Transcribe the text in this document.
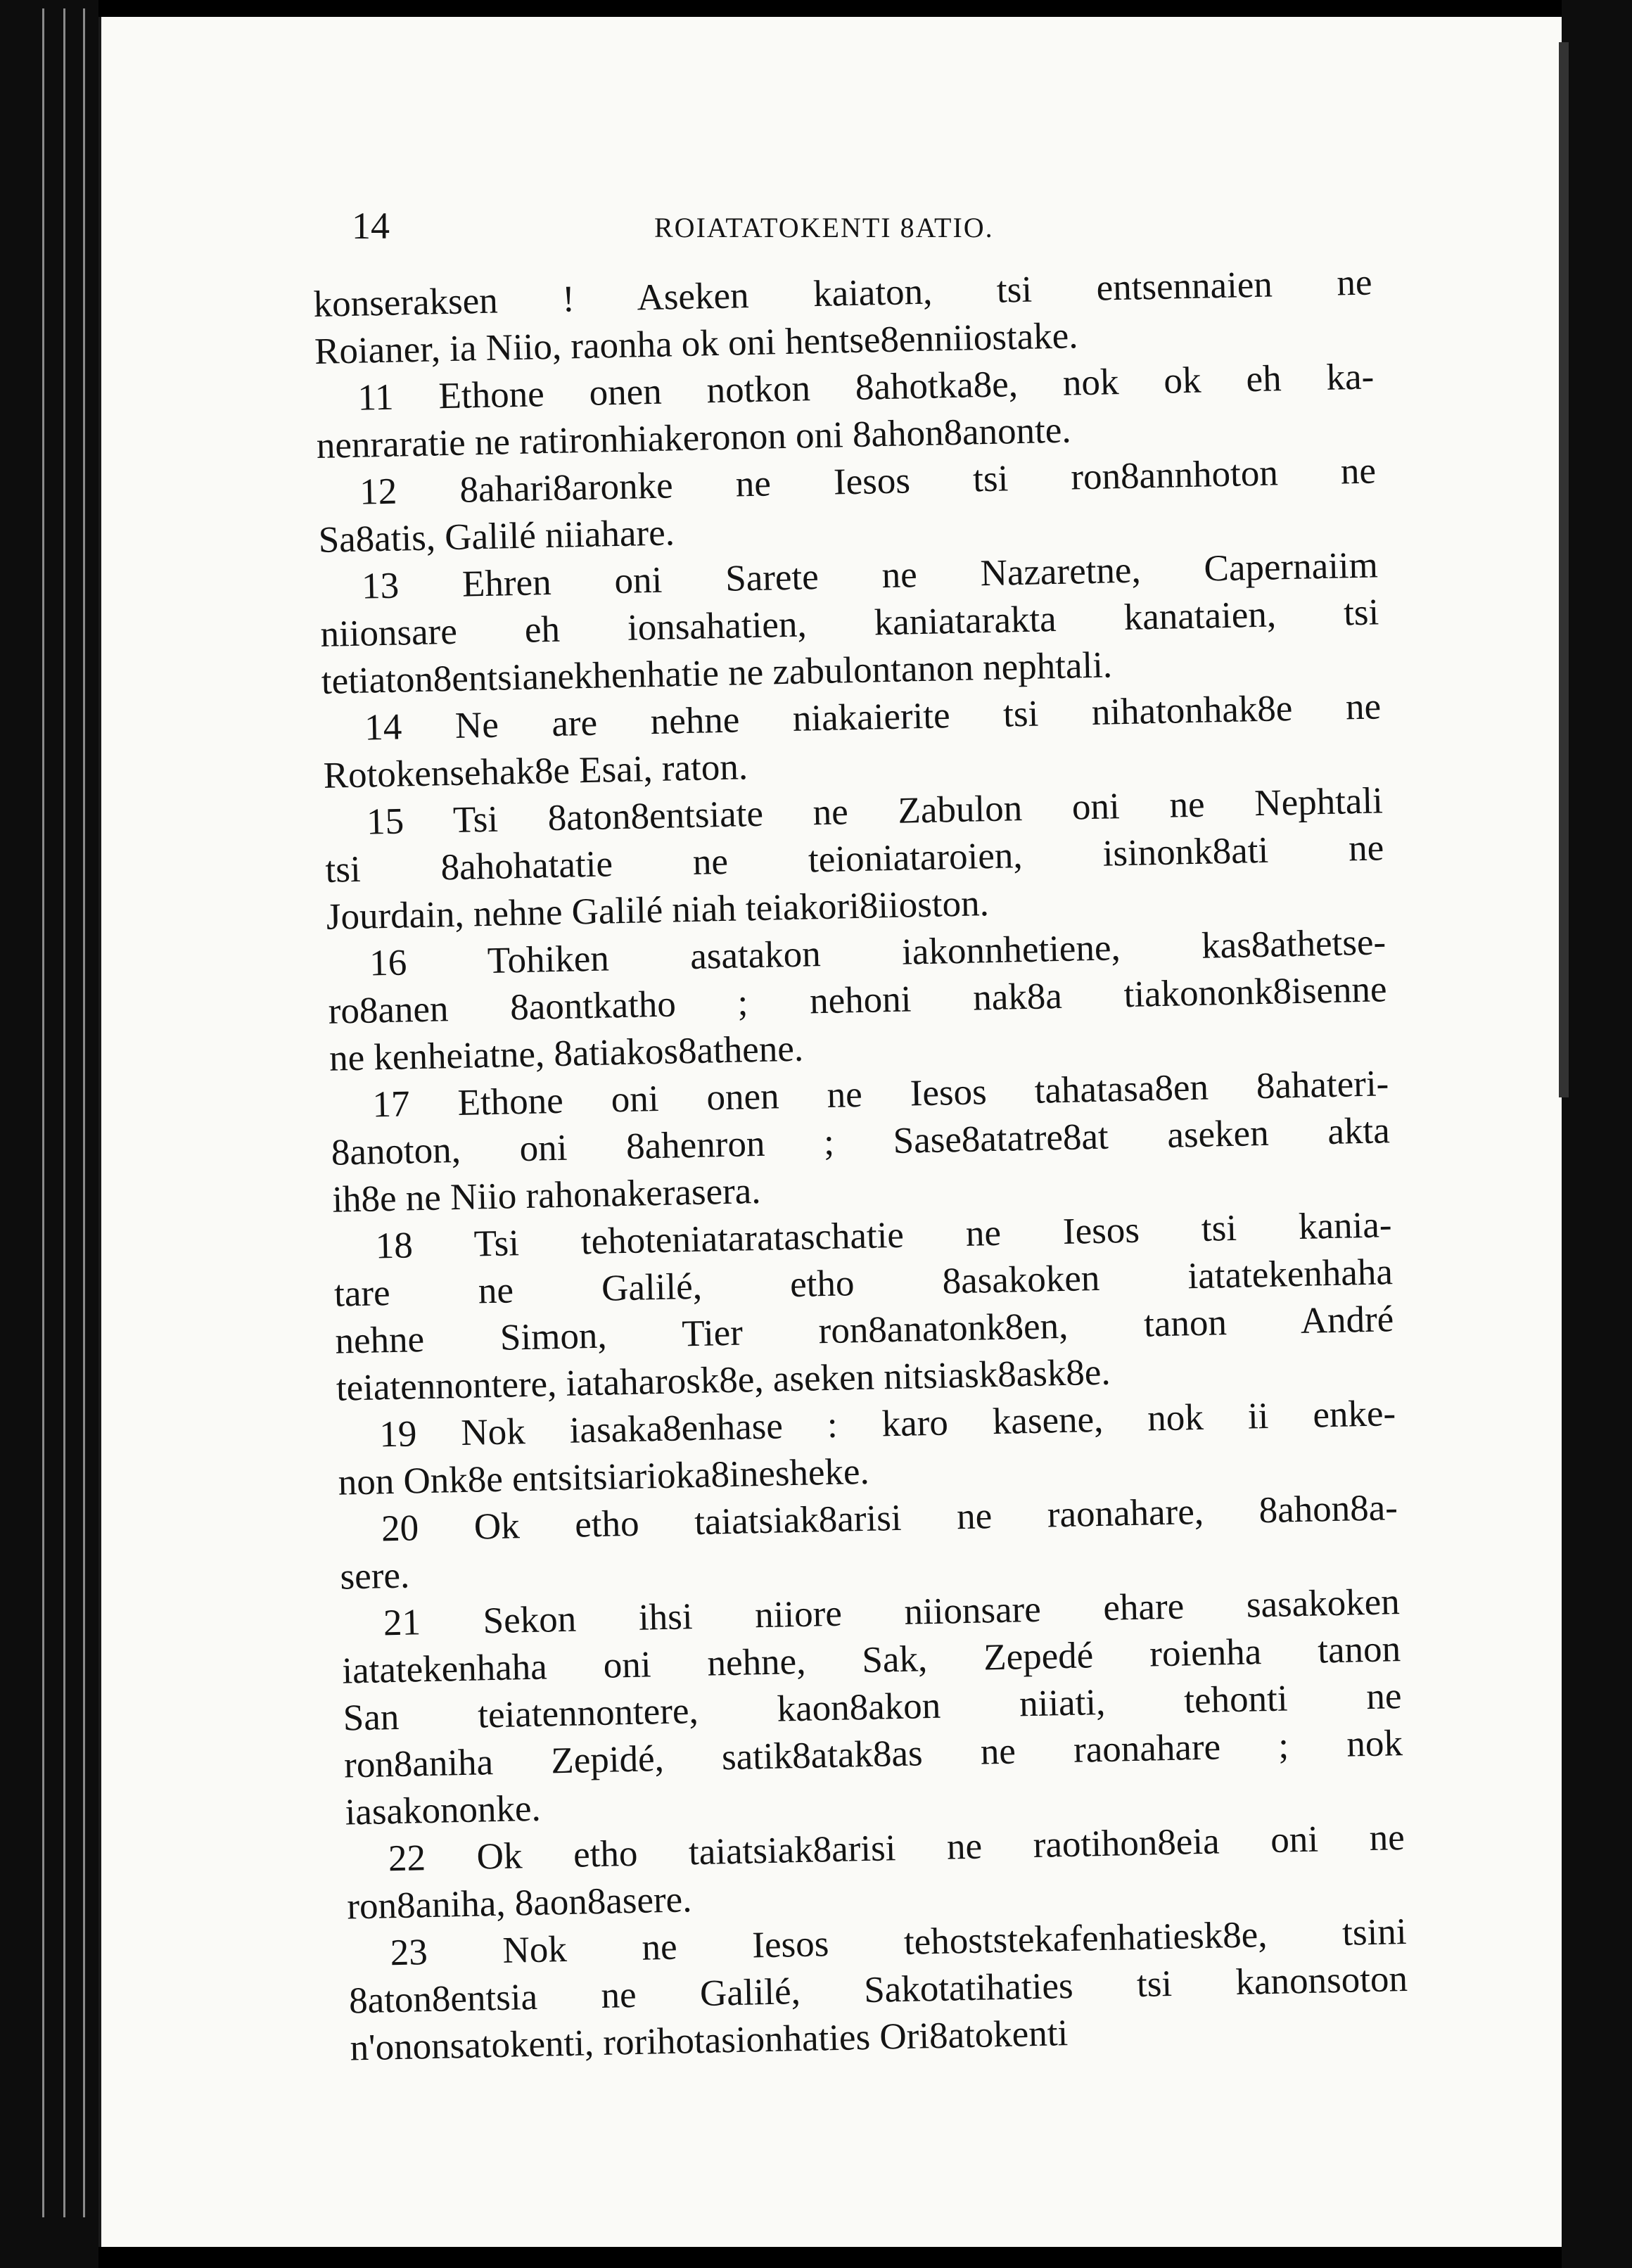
14	ROIATATOKENTI 8ATIO.
konseraksen ! Aseken kaiaton, tsi entsennaien ne
Roianer, ia Niio, raonha ok oni hentse8enniiostake.
11 Ethone onen notkon 8ahotka8e, nok ok eh ka-
nenraratie ne ratironhiakeronon oni 8ahon8anonte.
12 8ahari8aronke ne Iesos tsi ron8annhoton ne
Sa8atis, Galilé niiahare.
13 Ehren oni Sarete ne Nazaretne, Capernaiim
niionsare eh ionsahatien, kaniatarakta kanataien, tsi
tetiaton8entsianekhenhatie ne zabulontanon nephtali.
14 Ne are nehne niakaierite tsi nihatonhak8e ne
Rotokensehak8e Esai, raton.
15 Tsi 8aton8entsiate ne Zabulon oni ne Nephtali
tsi 8ahohatatie ne teioniataroien, isinonk8ati ne
Jourdain, nehne Galilé niah teiakori8iioston.
16 Tohiken asatakon iakonnhetiene, kas8athetse-
ro8anen 8aontkatho ; nehoni nak8a tiakononk8isenne
ne kenheiatne, 8atiakos8athene.
17 Ethone oni onen ne Iesos tahatasa8en 8ahateri-
8anoton, oni 8ahenron ; Sase8atatre8at aseken akta
ih8e ne Niio rahonakerasera.
18 Tsi tehoteniatarataschatie ne Iesos tsi kania-
tare ne Galilé, etho 8asakoken iatatekenhaha
nehne Simon, Tier ron8anatonk8en, tanon André
teiatennontere, iataharosk8e, aseken nitsiask8ask8e.
19 Nok iasaka8enhase : karo kasene, nok ii enke-
non Onk8e entsitsiarioka8inesheke.
20 Ok etho taiatsiak8arisi ne raonahare, 8ahon8a-
sere.
21 Sekon ihsi niiore niionsare ehare sasakoken
iatatekenhaha oni nehne, Sak, Zepedé roienha tanon
San teiatennontere, kaon8akon niiati, tehonti ne
ron8aniha Zepidé, satik8atak8as ne raonahare ; nok
iasakononke.
22 Ok etho taiatsiak8arisi ne raotihon8eia oni ne
ron8aniha, 8aon8asere.
23 Nok ne Iesos tehoststekafenhatiesk8e, tsini
8aton8entsia ne Galilé, Sakotatihaties tsi kanonsoton
n'ononsatokenti, rorihotasionhaties Ori8atokenti
